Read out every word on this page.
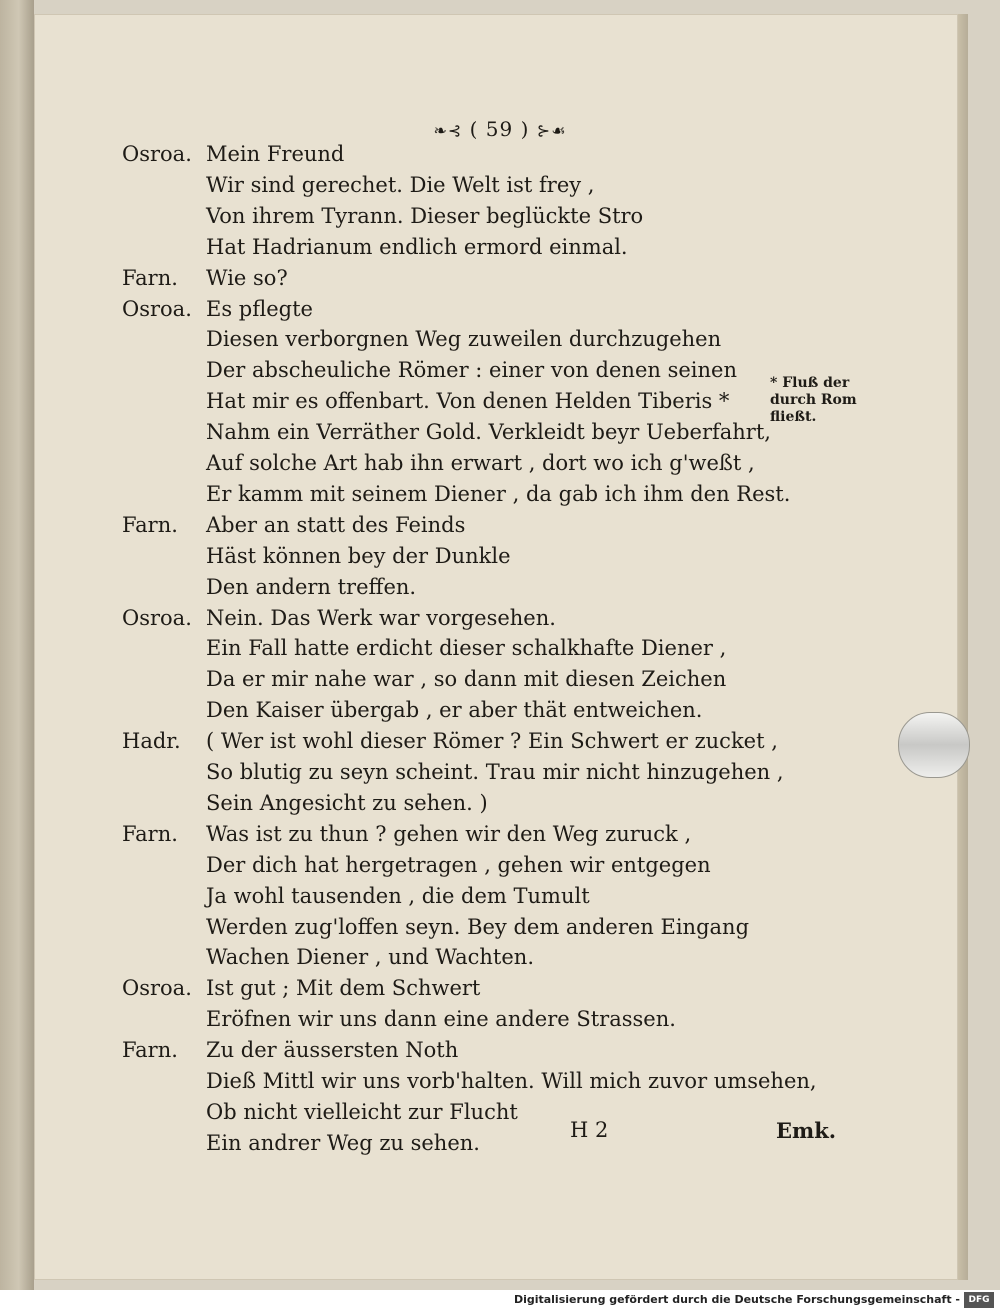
❧⊰ ( 59 ) ⊱☙
Osroa. Mein Freund
Wir sind gerechet. Die Welt ist frey ,
Von ihrem Tyrann. Dieser beglückte Stro
Hat Hadrianum endlich ermord einmal.
Farn. Wie so?
Osroa. Es pflegte
Diesen verborgnen Weg zuweilen durchzugehen
Der abscheuliche Römer : einer von denen seinen
Hat mir es offenbart. Von denen Helden Tiberis *
Nahm ein Verräther Gold. Verkleidt beyr Ueberfahrt,
Auf solche Art hab ihn erwart , dort wo ich g'weßt ,
Er kamm mit seinem Diener , da gab ich ihm den Rest.
Farn. Aber an statt des Feinds
Häst können bey der Dunkle
Den andern treffen.
Osroa. Nein. Das Werk war vorgesehen.
Ein Fall hatte erdicht dieser schalkhafte Diener ,
Da er mir nahe war , so dann mit diesen Zeichen
Den Kaiser übergab , er aber thät entweichen.
Hadr. ( Wer ist wohl dieser Römer ? Ein Schwert er zucket ,
So blutig zu seyn scheint. Trau mir nicht hinzugehen ,
Sein Angesicht zu sehen. )
Farn. Was ist zu thun ? gehen wir den Weg zuruck ,
Der dich hat hergetragen , gehen wir entgegen
Ja wohl tausenden , die dem Tumult
Werden zug'loffen seyn. Bey dem anderen Eingang
Wachen Diener , und Wachten.
Osroa. Ist gut ; Mit dem Schwert
Eröfnen wir uns dann eine andere Strassen.
Farn. Zu der äussersten Noth
Dieß Mittl wir uns vorb'halten. Will mich zuvor umsehen,
Ob nicht vielleicht zur Flucht
Ein andrer Weg zu sehen.
* Fluß der durch Rom fließt.
H 2	Emk.
Digitalisierung gefördert durch die Deutsche Forschungsgemeinschaft - DFG
